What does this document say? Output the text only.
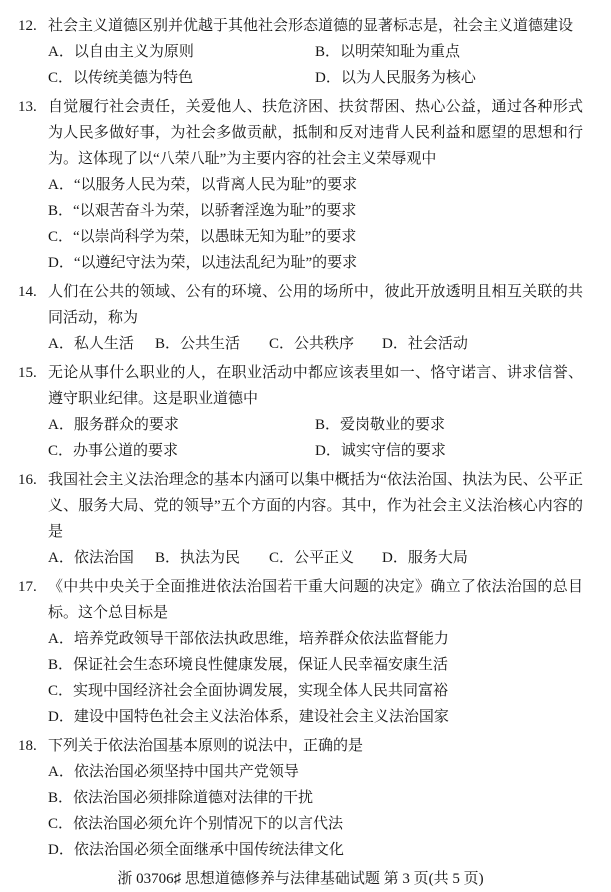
12. 社会主义道德区别并优越于其他社会形态道德的显著标志是，社会主义道德建设
A．以自由主义为原则	B．以明荣知耻为重点
C．以传统美德为特色	D．以为人民服务为核心
13. 自觉履行社会责任，关爱他人、扶危济困、扶贫帮困、热心公益，通过各种形式为人民多做好事，为社会多做贡献，抵制和反对违背人民利益和愿望的思想和行为。这体现了以“八荣八耻”为主要内容的社会主义荣辱观中
A．“以服务人民为荣，以背离人民为耻”的要求
B．“以艰苦奋斗为荣，以骄奢淫逸为耻”的要求
C．“以崇尚科学为荣，以愚昧无知为耻”的要求
D．“以遵纪守法为荣，以违法乱纪为耻”的要求
14. 人们在公共的领域、公有的环境、公用的场所中，彼此开放透明且相互关联的共同活动，称为
A．私人生活	B．公共生活	C．公共秩序	D．社会活动
15. 无论从事什么职业的人，在职业活动中都应该表里如一、恪守诺言、讲求信誉、遵守职业纪律。这是职业道德中
A．服务群众的要求	B．爱岗敬业的要求
C．办事公道的要求	D．诚实守信的要求
16. 我国社会主义法治理念的基本内涵可以集中概括为“依法治国、执法为民、公平正义、服务大局、党的领导”五个方面的内容。其中，作为社会主义法治核心内容的是
A．依法治国	B．执法为民	C．公平正义	D．服务大局
17. 《中共中央关于全面推进依法治国若干重大问题的决定》确立了依法治国的总目标。这个总目标是
A．培养党政领导干部依法执政思维，培养群众依法监督能力
B．保证社会生态环境良性健康发展，保证人民幸福安康生活
C．实现中国经济社会全面协调发展，实现全体人民共同富裕
D．建设中国特色社会主义法治体系，建设社会主义法治国家
18. 下列关于依法治国基本原则的说法中，正确的是
A．依法治国必须坚持中国共产党领导
B．依法治国必须排除道德对法律的干扰
C．依法治国必须允许个别情况下的以言代法
D．依法治国必须全面继承中国传统法律文化
浙 03706♯ 思想道德修养与法律基础试题 第 3 页(共 5 页)
